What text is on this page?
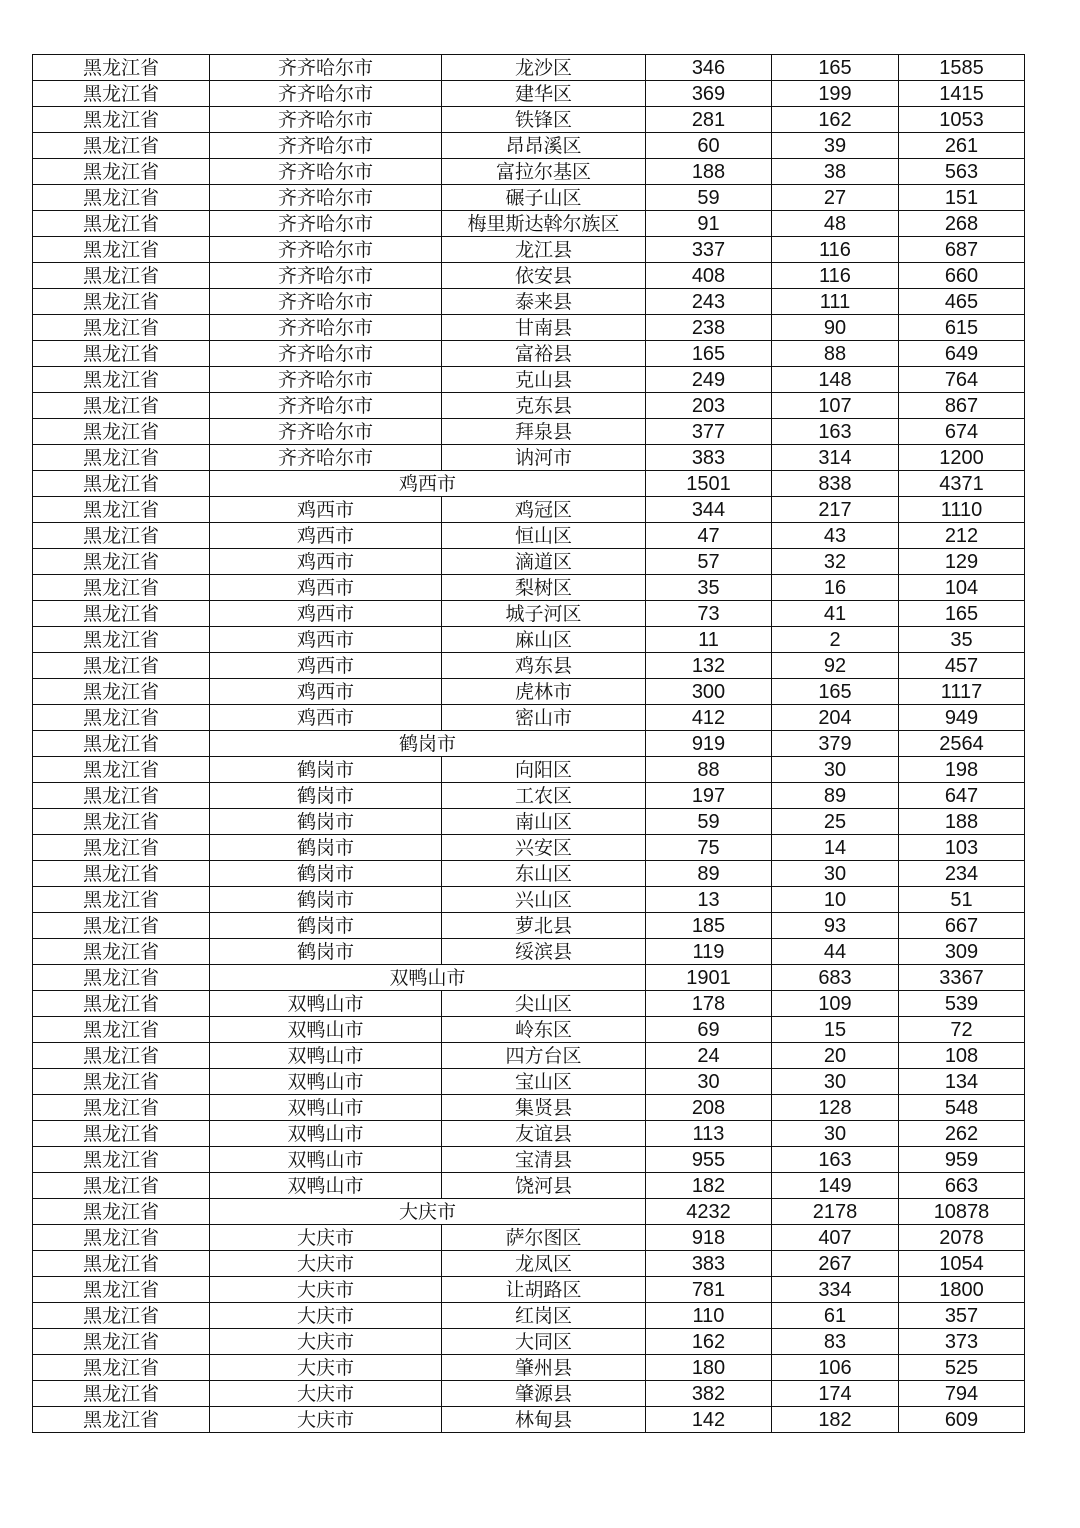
黑龙江省	齐齐哈尔市	龙沙区	346	165	1585
黑龙江省	齐齐哈尔市	建华区	369	199	1415
黑龙江省	齐齐哈尔市	铁锋区	281	162	1053
黑龙江省	齐齐哈尔市	昂昂溪区	60	39	261
黑龙江省	齐齐哈尔市	富拉尔基区	188	38	563
黑龙江省	齐齐哈尔市	碾子山区	59	27	151
黑龙江省	齐齐哈尔市	梅里斯达斡尔族区	91	48	268
黑龙江省	齐齐哈尔市	龙江县	337	116	687
黑龙江省	齐齐哈尔市	依安县	408	116	660
黑龙江省	齐齐哈尔市	泰来县	243	111	465
黑龙江省	齐齐哈尔市	甘南县	238	90	615
黑龙江省	齐齐哈尔市	富裕县	165	88	649
黑龙江省	齐齐哈尔市	克山县	249	148	764
黑龙江省	齐齐哈尔市	克东县	203	107	867
黑龙江省	齐齐哈尔市	拜泉县	377	163	674
黑龙江省	齐齐哈尔市	讷河市	383	314	1200
黑龙江省	鸡西市		1501	838	4371
黑龙江省	鸡西市	鸡冠区	344	217	1110
黑龙江省	鸡西市	恒山区	47	43	212
黑龙江省	鸡西市	滴道区	57	32	129
黑龙江省	鸡西市	梨树区	35	16	104
黑龙江省	鸡西市	城子河区	73	41	165
黑龙江省	鸡西市	麻山区	11	2	35
黑龙江省	鸡西市	鸡东县	132	92	457
黑龙江省	鸡西市	虎林市	300	165	1117
黑龙江省	鸡西市	密山市	412	204	949
黑龙江省	鹤岗市		919	379	2564
黑龙江省	鹤岗市	向阳区	88	30	198
黑龙江省	鹤岗市	工农区	197	89	647
黑龙江省	鹤岗市	南山区	59	25	188
黑龙江省	鹤岗市	兴安区	75	14	103
黑龙江省	鹤岗市	东山区	89	30	234
黑龙江省	鹤岗市	兴山区	13	10	51
黑龙江省	鹤岗市	萝北县	185	93	667
黑龙江省	鹤岗市	绥滨县	119	44	309
黑龙江省	双鸭山市		1901	683	3367
黑龙江省	双鸭山市	尖山区	178	109	539
黑龙江省	双鸭山市	岭东区	69	15	72
黑龙江省	双鸭山市	四方台区	24	20	108
黑龙江省	双鸭山市	宝山区	30	30	134
黑龙江省	双鸭山市	集贤县	208	128	548
黑龙江省	双鸭山市	友谊县	113	30	262
黑龙江省	双鸭山市	宝清县	955	163	959
黑龙江省	双鸭山市	饶河县	182	149	663
黑龙江省	大庆市		4232	2178	10878
黑龙江省	大庆市	萨尔图区	918	407	2078
黑龙江省	大庆市	龙凤区	383	267	1054
黑龙江省	大庆市	让胡路区	781	334	1800
黑龙江省	大庆市	红岗区	110	61	357
黑龙江省	大庆市	大同区	162	83	373
黑龙江省	大庆市	肇州县	180	106	525
黑龙江省	大庆市	肇源县	382	174	794
黑龙江省	大庆市	林甸县	142	182	609
